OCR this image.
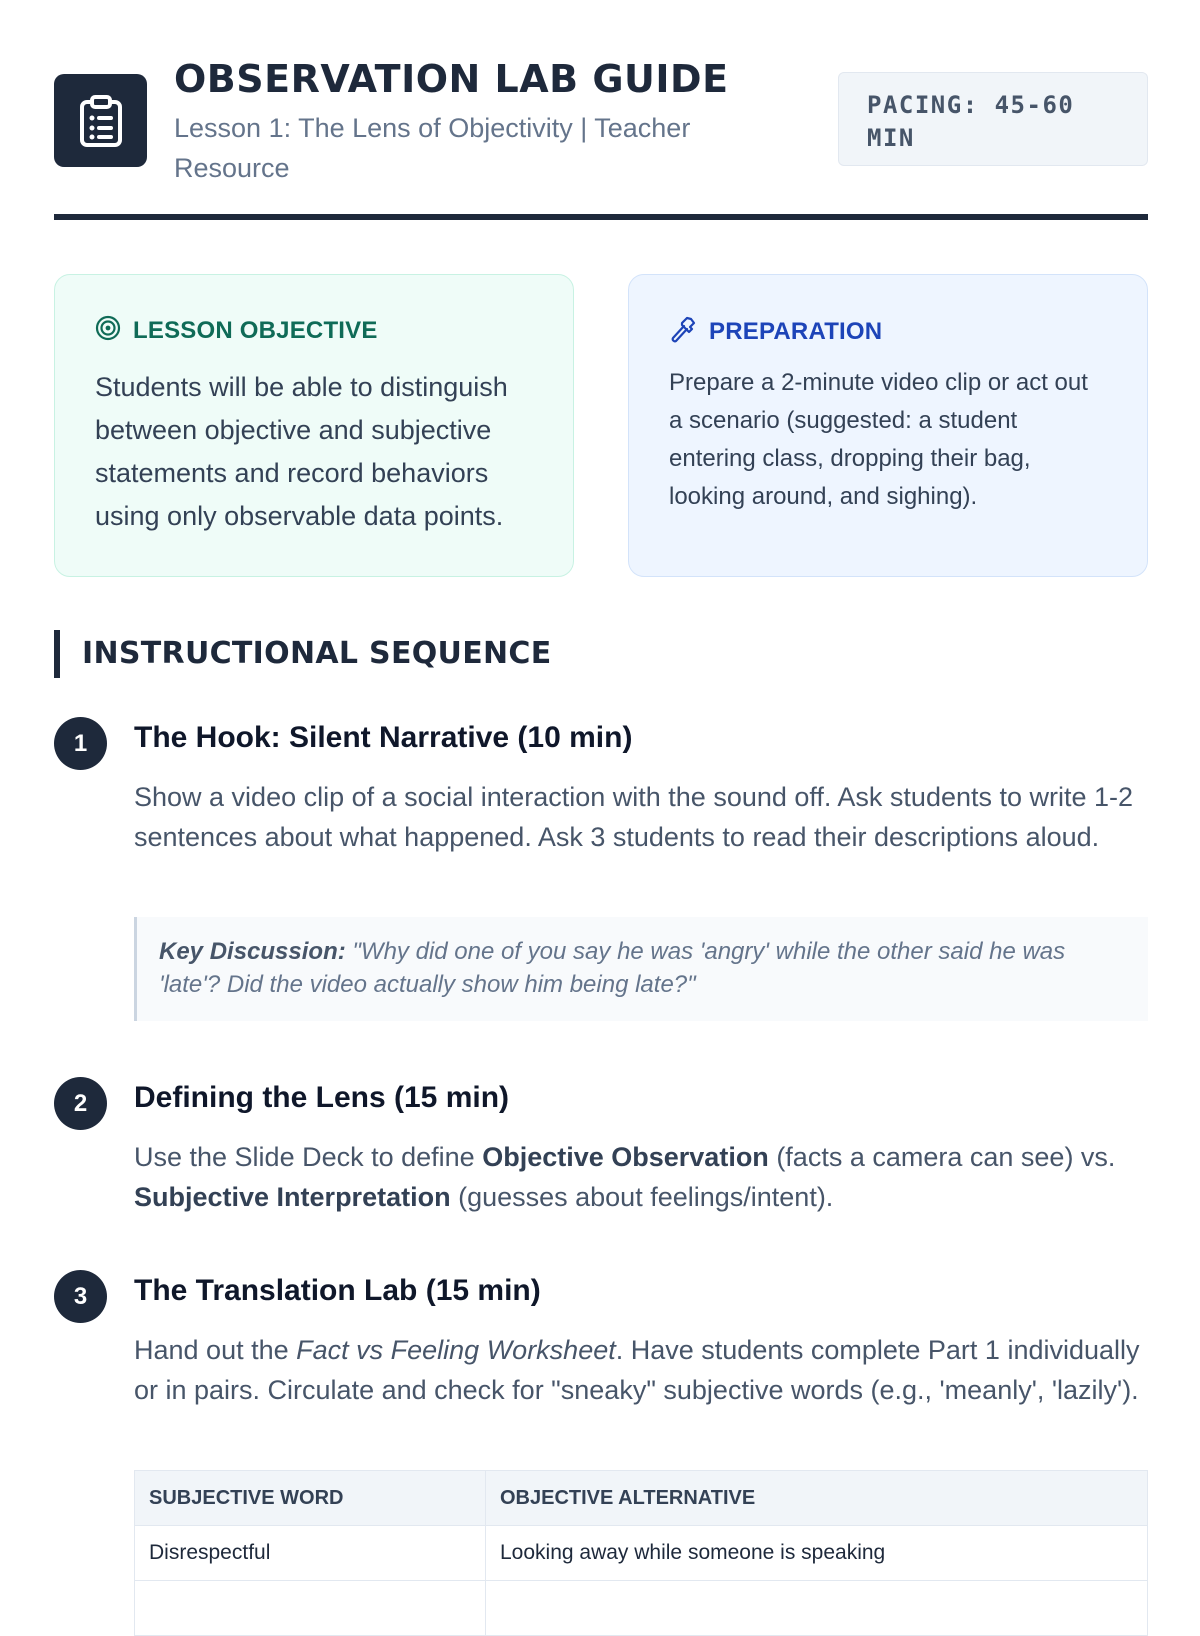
OBSERVATION LAB GUIDE

Lesson 1: The Lens of Objectivity | Teacher Resource

PACING: 45-60 MIN
LESSON OBJECTIVE
Students will be able to distinguish between objective and subjective statements and record behaviors using only observable data points.
PREPARATION
Prepare a 2-minute video clip or act out a scenario (suggested: a student entering class, dropping their bag, looking around, and sighing).
INSTRUCTIONAL SEQUENCE
1	The Hook: Silent Narrative (10 min)

Show a video clip of a social interaction with the sound off. Ask students to write 1-2 sentences about what happened. Ask 3 students to read their descriptions aloud.

Key Discussion: "Why did one of you say he was 'angry' while the other said he was 'late'? Did the video actually show him being late?"
2	Defining the Lens (15 min)

Use the Slide Deck to define Objective Observation (facts a camera can see) vs. Subjective Interpretation (guesses about feelings/intent).

3	The Translation Lab (15 min)

Hand out the Fact vs Feeling Worksheet. Have students complete Part 1 individually or in pairs. Circulate and check for "sneaky" subjective words (e.g., 'meanly', 'lazily').

SUBJECTIVE WORD	OBJECTIVE ALTERNATIVE
Disrespectful	Looking away while someone is speaking
